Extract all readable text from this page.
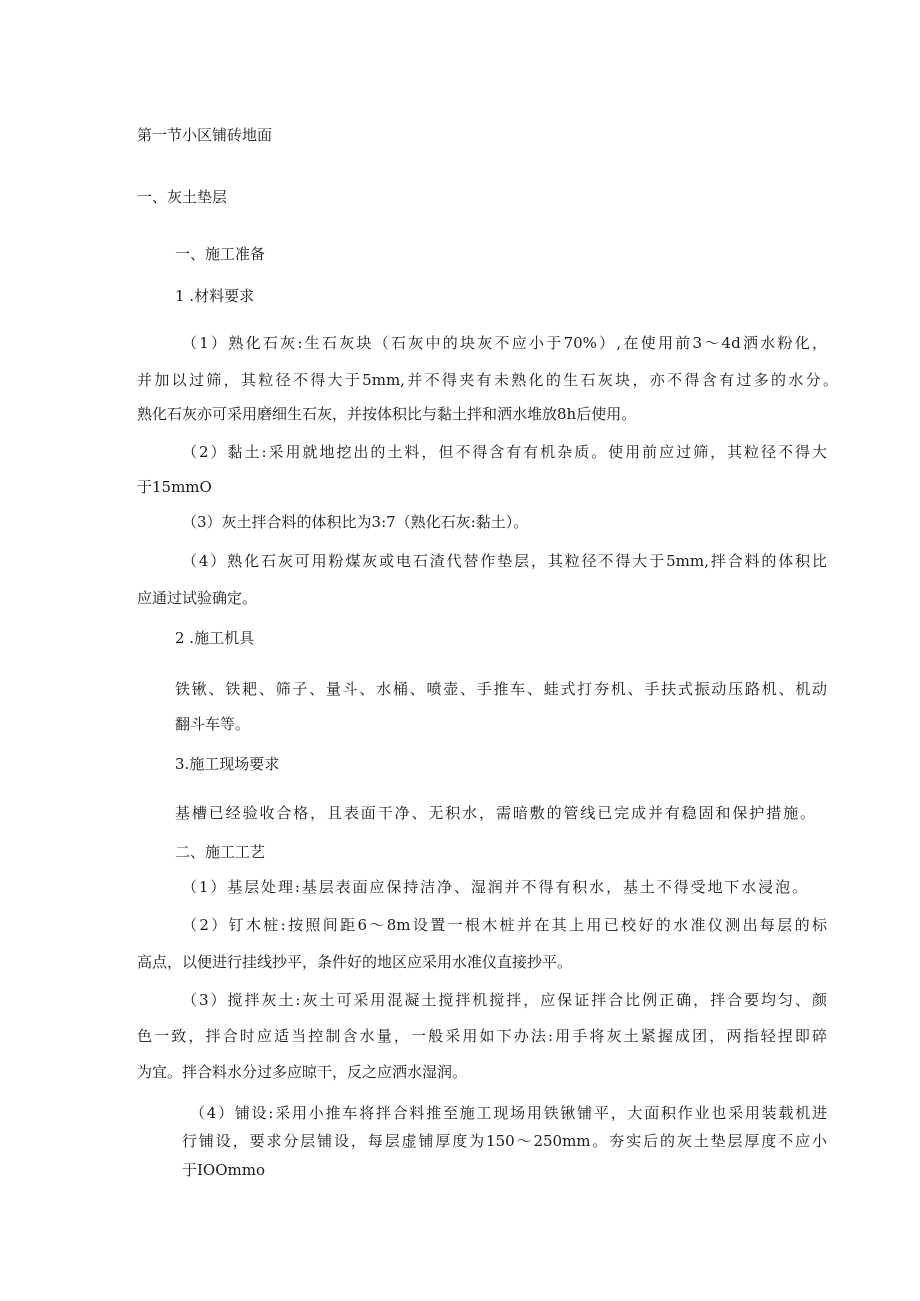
第一节小区铺砖地面
一、灰土垫层
一、施工准备
1 .材料要求
（1）熟化石灰:生石灰块（石灰中的块灰不应小于70%）,在使用前3～4d洒水粉化，
并加以过筛，其粒径不得大于5mm,并不得夹有未熟化的生石灰块，亦不得含有过多的水分。
熟化石灰亦可采用磨细生石灰，并按体积比与黏土拌和洒水堆放8h后使用。
（2）黏土:采用就地挖出的土料，但不得含有有机杂质。使用前应过筛，其粒径不得大
于15mmO
（3）灰土拌合料的体积比为3:7（熟化石灰:黏土）。
（4）熟化石灰可用粉煤灰或电石渣代替作垫层，其粒径不得大于5mm,拌合料的体积比
应通过试验确定。
2 .施工机具
铁锹、铁耙、筛子、量斗、水桶、喷壶、手推车、蛙式打夯机、手扶式振动压路机、机动
翻斗车等。
3.施工现场要求
基槽已经验收合格，且表面干净、无积水，需暗敷的管线已完成并有稳固和保护措施。
二、施工工艺
（1）基层处理:基层表面应保持洁净、湿润并不得有积水，基土不得受地下水浸泡。
（2）钉木桩:按照间距6～8m设置一根木桩并在其上用已校好的水准仪测出每层的标
高点，以便进行挂线抄平，条件好的地区应采用水准仪直接抄平。
（3）搅拌灰土:灰土可采用混凝土搅拌机搅拌，应保证拌合比例正确，拌合要均匀、颜
色一致，拌合时应适当控制含水量，一般采用如下办法:用手将灰土紧握成团，两指轻捏即碎
为宜。拌合料水分过多应晾干，反之应洒水湿润。
（4）铺设:采用小推车将拌合料推至施工现场用铁锹铺平，大面积作业也采用装载机进
行铺设，要求分层铺设，每层虚铺厚度为150～250mm。夯实后的灰土垫层厚度不应小
于IOOmmo
